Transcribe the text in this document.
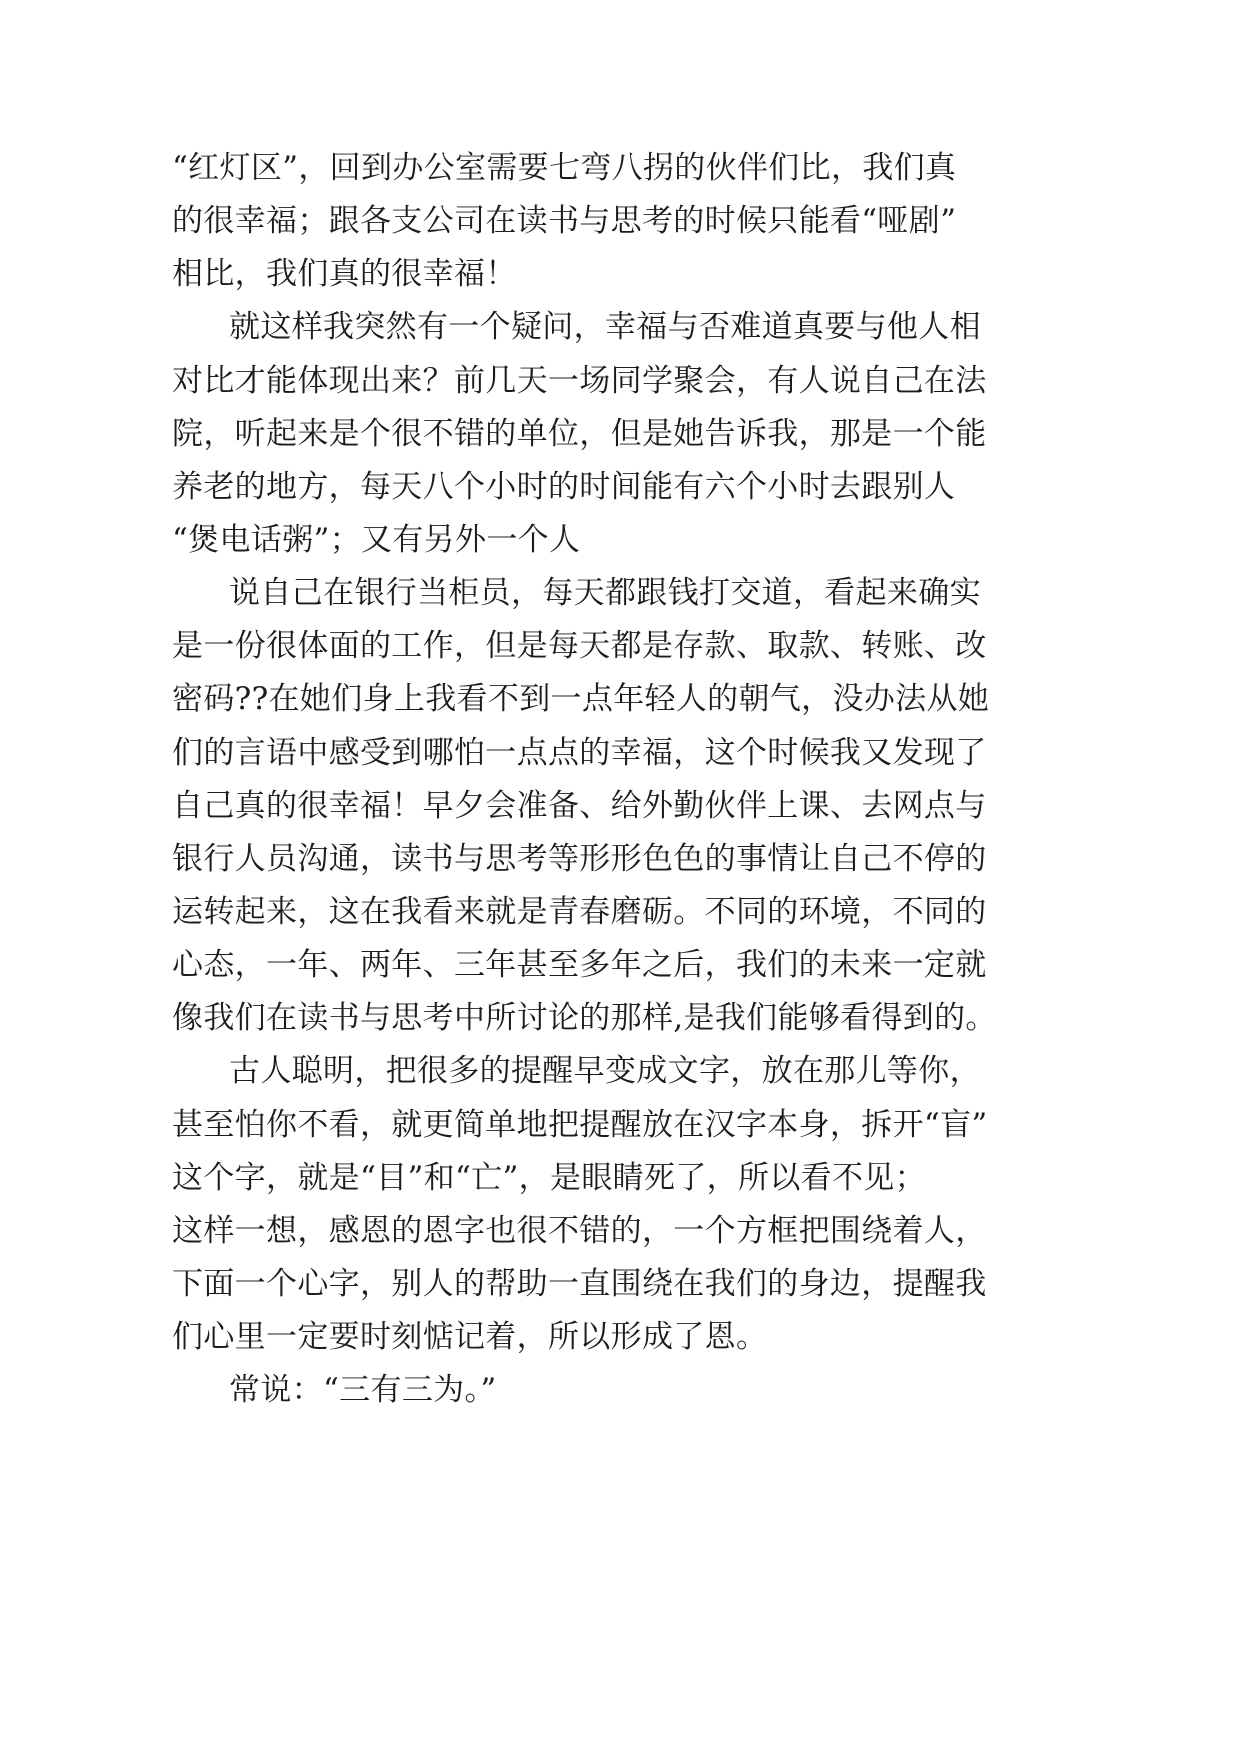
“红灯区”，回到办公室需要七弯八拐的伙伴们比，我们真
的很幸福；跟各支公司在读书与思考的时候只能看“哑剧”
相比，我们真的很幸福！
就这样我突然有一个疑问，幸福与否难道真要与他人相
对比才能体现出来？前几天一场同学聚会，有人说自己在法
院，听起来是个很不错的单位，但是她告诉我，那是一个能
养老的地方，每天八个小时的时间能有六个小时去跟别人
“煲电话粥”；又有另外一个人
说自己在银行当柜员，每天都跟钱打交道，看起来确实
是一份很体面的工作，但是每天都是存款、取款、转账、改
密码??在她们身上我看不到一点年轻人的朝气，没办法从她
们的言语中感受到哪怕一点点的幸福，这个时候我又发现了
自己真的很幸福！早夕会准备、给外勤伙伴上课、去网点与
银行人员沟通，读书与思考等形形色色的事情让自己不停的
运转起来，这在我看来就是青春磨砺。不同的环境，不同的
心态，一年、两年、三年甚至多年之后，我们的未来一定就
像我们在读书与思考中所讨论的那样,是我们能够看得到的。
古人聪明，把很多的提醒早变成文字，放在那儿等你，
甚至怕你不看，就更简单地把提醒放在汉字本身，拆开“盲”
这个字，就是“目”和“亡”，是眼睛死了，所以看不见；
这样一想，感恩的恩字也很不错的，一个方框把围绕着人，
下面一个心字，别人的帮助一直围绕在我们的身边，提醒我
们心里一定要时刻惦记着，所以形成了恩。
常说：“三有三为。”
